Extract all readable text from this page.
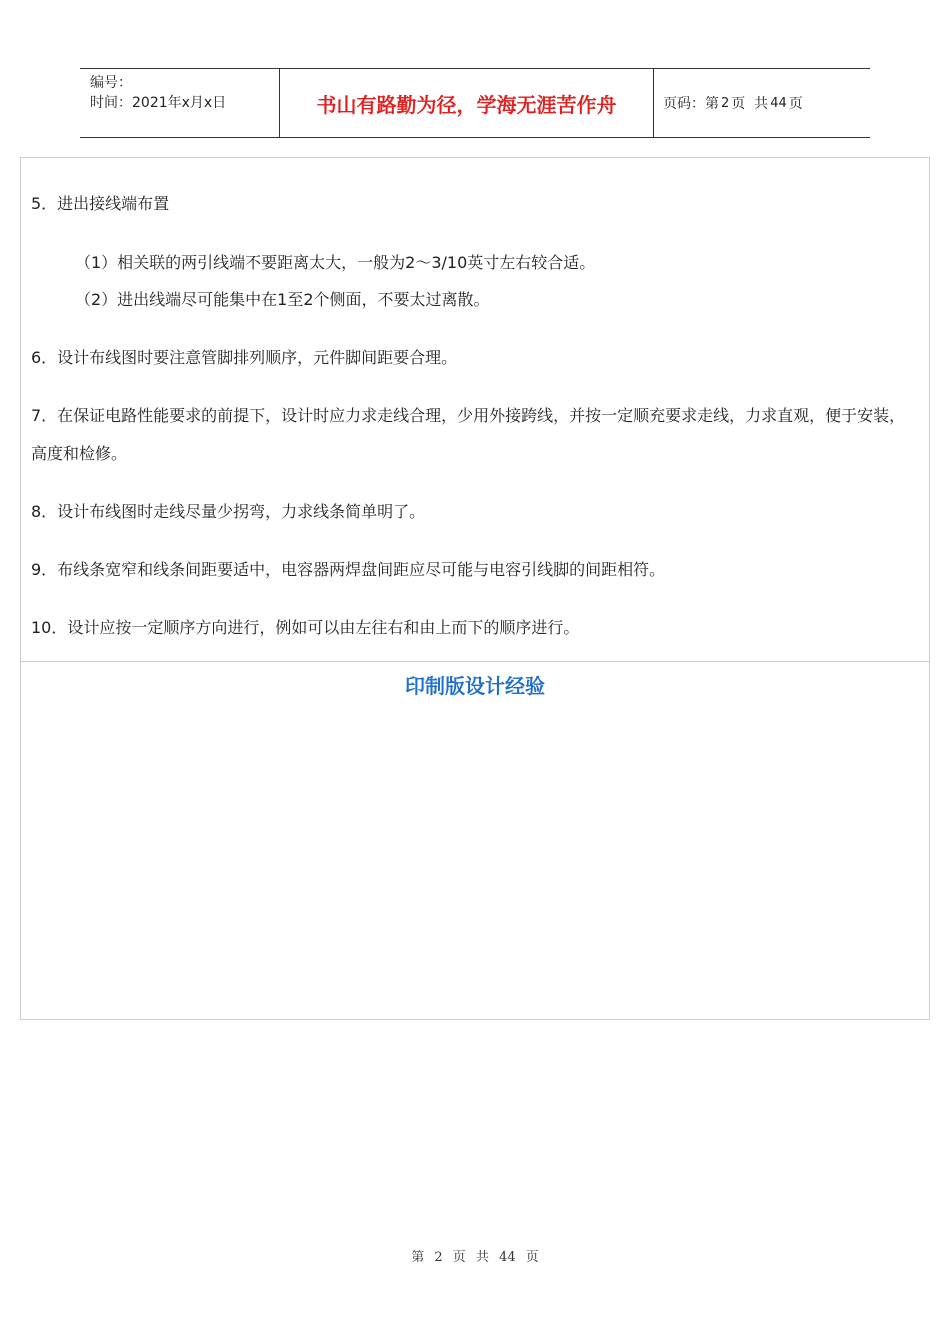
编号：
时间：2021年x月x日	书山有路勤为径，学海无涯苦作舟	页码：第 2 页  共 44 页
5．进出接线端布置
（1）相关联的两引线端不要距离太大，一般为2～3/10英寸左右较合适。
（2）进出线端尽可能集中在1至2个侧面，不要太过离散。
6．设计布线图时要注意管脚排列顺序，元件脚间距要合理。
7．在保证电路性能要求的前提下，设计时应力求走线合理，少用外接跨线，并按一定顺充要求走线，力求直观，便于安装，高度和检修。
8．设计布线图时走线尽量少拐弯，力求线条简单明了。
9．布线条宽窄和线条间距要适中，电容器两焊盘间距应尽可能与电容引线脚的间距相符。
10．设计应按一定顺序方向进行，例如可以由左往右和由上而下的顺序进行。
印制版设计经验
第 2 页 共 44 页
